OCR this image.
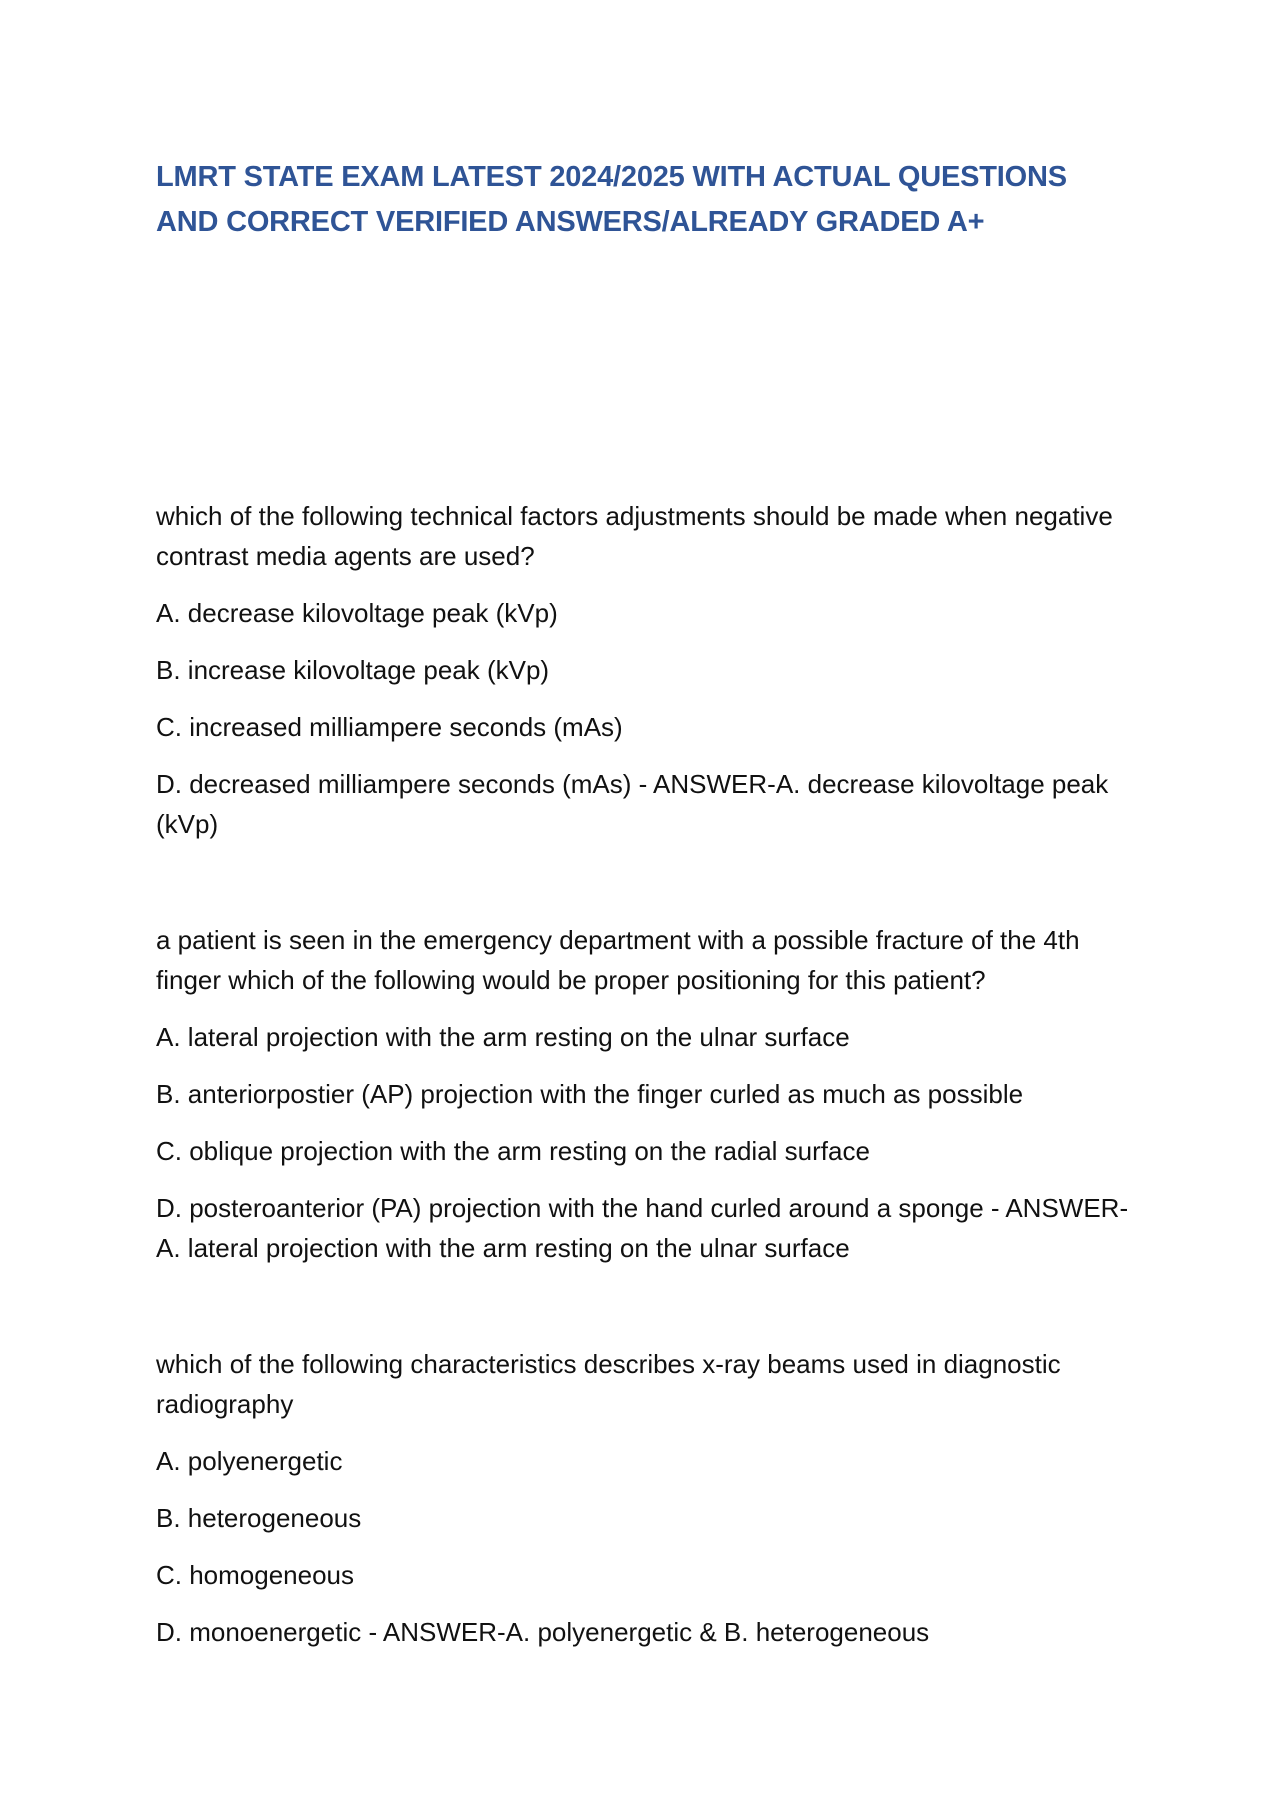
LMRT STATE EXAM LATEST 2024/2025 WITH ACTUAL QUESTIONS AND CORRECT VERIFIED ANSWERS/ALREADY GRADED A+

which of the following technical factors adjustments should be made when negative contrast media agents are used?

A. decrease kilovoltage peak (kVp)

B. increase kilovoltage peak (kVp)

C. increased milliampere seconds (mAs)

D. decreased milliampere seconds (mAs) - ANSWER-A. decrease kilovoltage peak (kVp)

a patient is seen in the emergency department with a possible fracture of the 4th finger which of the following would be proper positioning for this patient?

A. lateral projection with the arm resting on the ulnar surface

B. anteriorpostier (AP) projection with the finger curled as much as possible

C. oblique projection with the arm resting on the radial surface

D. posteroanterior (PA) projection with the hand curled around a sponge - ANSWER-A. lateral projection with the arm resting on the ulnar surface

which of the following characteristics describes x-ray beams used in diagnostic radiography

A. polyenergetic

B. heterogeneous

C. homogeneous

D. monoenergetic - ANSWER-A. polyenergetic & B. heterogeneous
